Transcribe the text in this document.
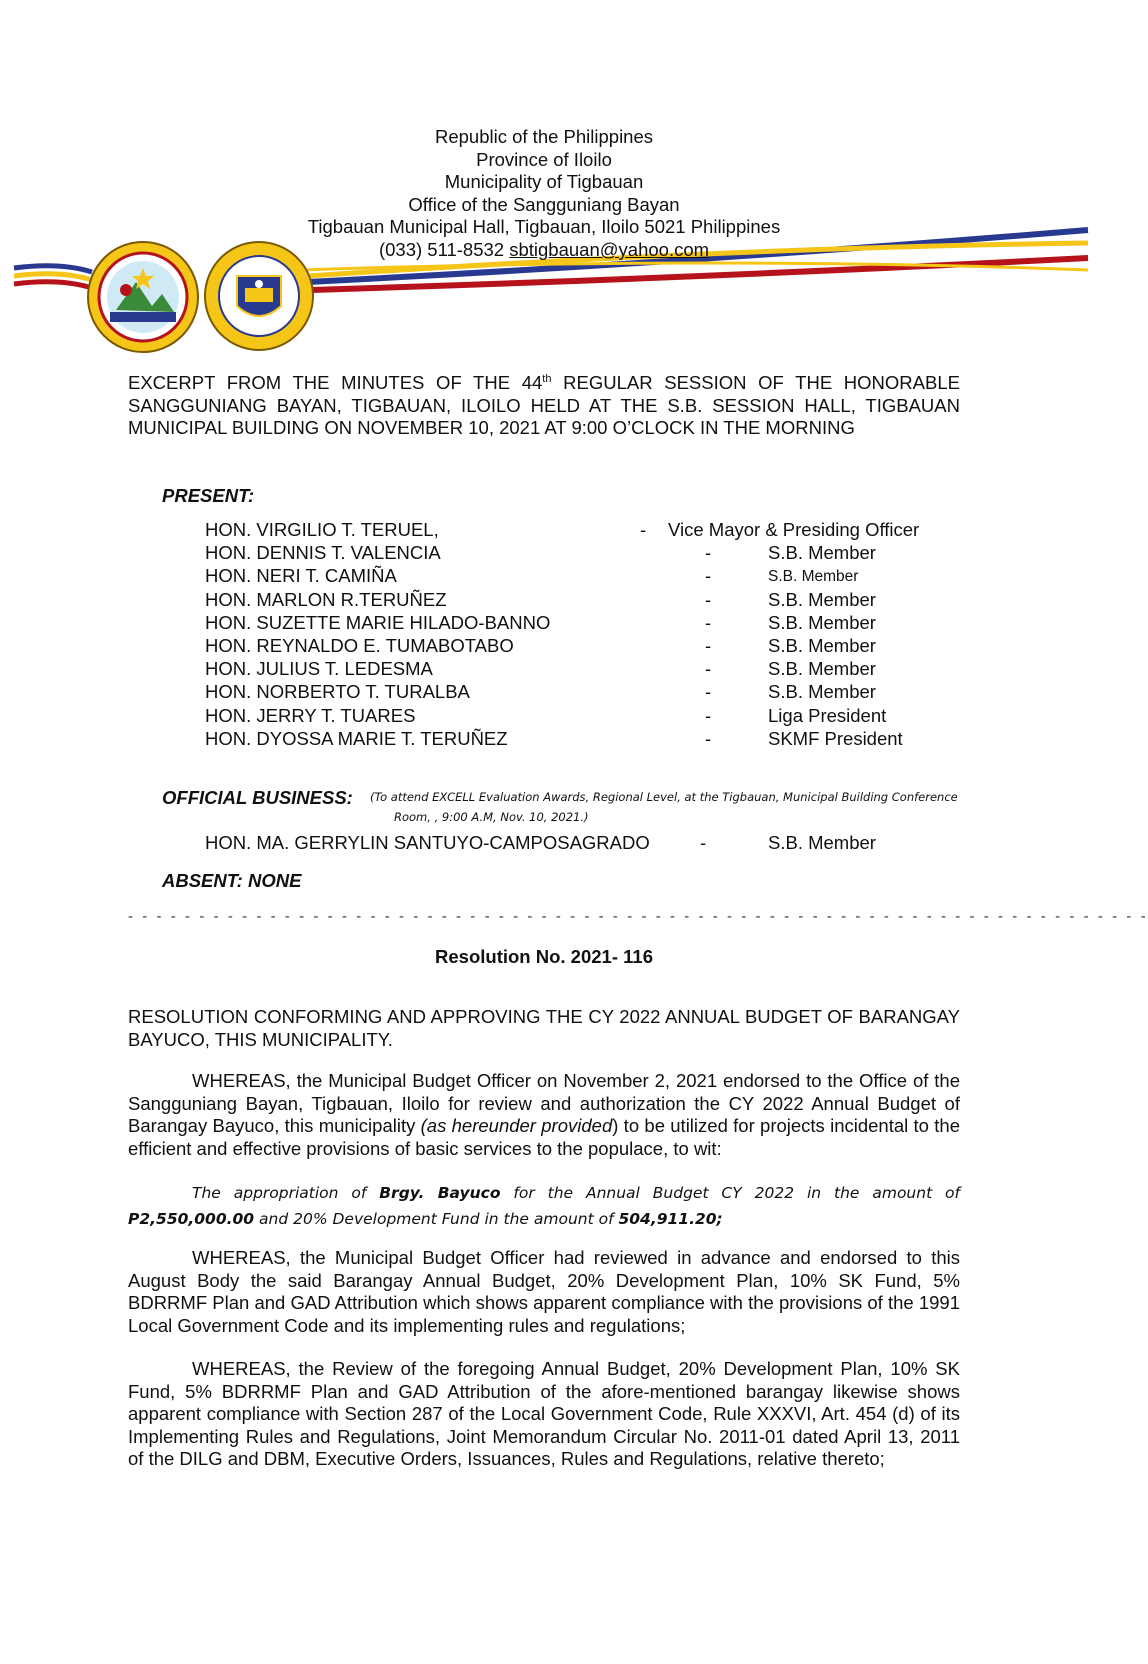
Republic of the Philippines
Province of Iloilo
Municipality of Tigbauan
Office of the Sangguniang Bayan
Tigbauan Municipal Hall, Tigbauan, Iloilo 5021 Philippines
(033) 511-8532 sbtigbauan@yahoo.com
EXCERPT FROM THE MINUTES OF THE 44th REGULAR SESSION OF THE HONORABLE SANGGUNIANG BAYAN, TIGBAUAN, ILOILO HELD AT THE S.B. SESSION HALL, TIGBAUAN MUNICIPAL BUILDING ON NOVEMBER 10, 2021 AT 9:00 O’CLOCK IN THE MORNING
PRESENT:
HON. VIRGILIO T. TERUEL,	- Vice Mayor & Presiding Officer
HON. DENNIS T. VALENCIA	-	S.B. Member
HON. NERI T. CAMIÑA	-	S.B. Member
HON. MARLON R.TERUÑEZ	-	S.B. Member
HON. SUZETTE MARIE HILADO-BANNO	-	S.B. Member
HON. REYNALDO E. TUMABOTABO	-	S.B. Member
HON. JULIUS T. LEDESMA	-	S.B. Member
HON. NORBERTO T. TURALBA	-	S.B. Member
HON. JERRY T. TUARES	-	Liga President
HON. DYOSSA MARIE T. TERUÑEZ	-	SKMF President
OFFICIAL BUSINESS: (To attend EXCELL Evaluation Awards, Regional Level, at the Tigbauan, Municipal Building Conference
Room, , 9:00 A.M, Nov. 10, 2021.)
HON. MA. GERRYLIN SANTUYO-CAMPOSAGRADO	-	S.B. Member
ABSENT: NONE
- - - - - - - - - - - - - - - - - - - - - - - - - - - - - - - - - - - - - - - - - - - - - - - - - - - - - - - - - - - - - - - - - - - - - - - -
Resolution No. 2021- 116
RESOLUTION CONFORMING AND APPROVING THE CY 2022 ANNUAL BUDGET OF BARANGAY BAYUCO, THIS MUNICIPALITY.
WHEREAS, the Municipal Budget Officer on November 2, 2021 endorsed to the Office of the Sangguniang Bayan, Tigbauan, Iloilo for review and authorization the CY 2022 Annual Budget of Barangay Bayuco, this municipality (as hereunder provided) to be utilized for projects incidental to the efficient and effective provisions of basic services to the populace, to wit:
The appropriation of Brgy. Bayuco for the Annual Budget CY 2022 in the amount of P2,550,000.00 and 20% Development Fund in the amount of 504,911.20;
WHEREAS, the Municipal Budget Officer had reviewed in advance and endorsed to this August Body the said Barangay Annual Budget, 20% Development Plan, 10% SK Fund, 5% BDRRMF Plan and GAD Attribution which shows apparent compliance with the provisions of the 1991 Local Government Code and its implementing rules and regulations;
WHEREAS, the Review of the foregoing Annual Budget, 20% Development Plan, 10% SK Fund, 5% BDRRMF Plan and GAD Attribution of the afore-mentioned barangay likewise shows apparent compliance with Section 287 of the Local Government Code, Rule XXXVI, Art. 454 (d) of its Implementing Rules and Regulations, Joint Memorandum Circular No. 2011-01 dated April 13, 2011 of the DILG and DBM, Executive Orders, Issuances, Rules and Regulations, relative thereto;
